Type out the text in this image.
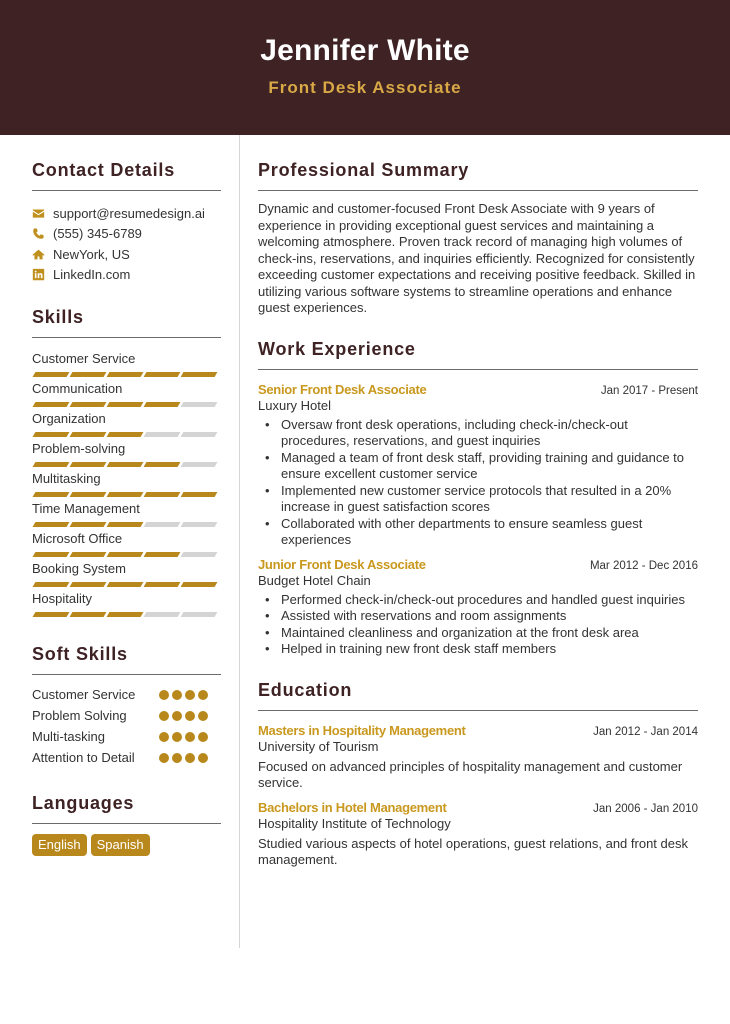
Jennifer White
Front Desk Associate
Contact Details
support@resumedesign.ai
(555) 345-6789
NewYork, US
LinkedIn.com
Skills
Customer Service
Communication
Organization
Problem-solving
Multitasking
Time Management
Microsoft Office
Booking System
Hospitality
Soft Skills
Customer Service
Problem Solving
Multi-tasking
Attention to Detail
Languages
English	Spanish
Professional Summary

Dynamic and customer-focused Front Desk Associate with 9 years of experience in providing exceptional guest services and maintaining a welcoming atmosphere. Proven track record of managing high volumes of check-ins, reservations, and inquiries efficiently. Recognized for consistently exceeding customer expectations and receiving positive feedback. Skilled in utilizing various software systems to streamline operations and enhance guest experiences.

Work Experience
Senior Front Desk Associate	Jan 2017 - Present
Luxury Hotel
• Oversaw front desk operations, including check-in/check-out procedures, reservations, and guest inquiries
• Managed a team of front desk staff, providing training and guidance to ensure excellent customer service
• Implemented new customer service protocols that resulted in a 20% increase in guest satisfaction scores
• Collaborated with other departments to ensure seamless guest experiences
Junior Front Desk Associate	Mar 2012 - Dec 2016
Budget Hotel Chain
• Performed check-in/check-out procedures and handled guest inquiries
• Assisted with reservations and room assignments
• Maintained cleanliness and organization at the front desk area
• Helped in training new front desk staff members
Education
Masters in Hospitality Management	Jan 2012 - Jan 2014
University of Tourism

Focused on advanced principles of hospitality management and customer service.

Bachelors in Hotel Management	Jan 2006 - Jan 2010
Hospitality Institute of Technology

Studied various aspects of hotel operations, guest relations, and front desk management.
